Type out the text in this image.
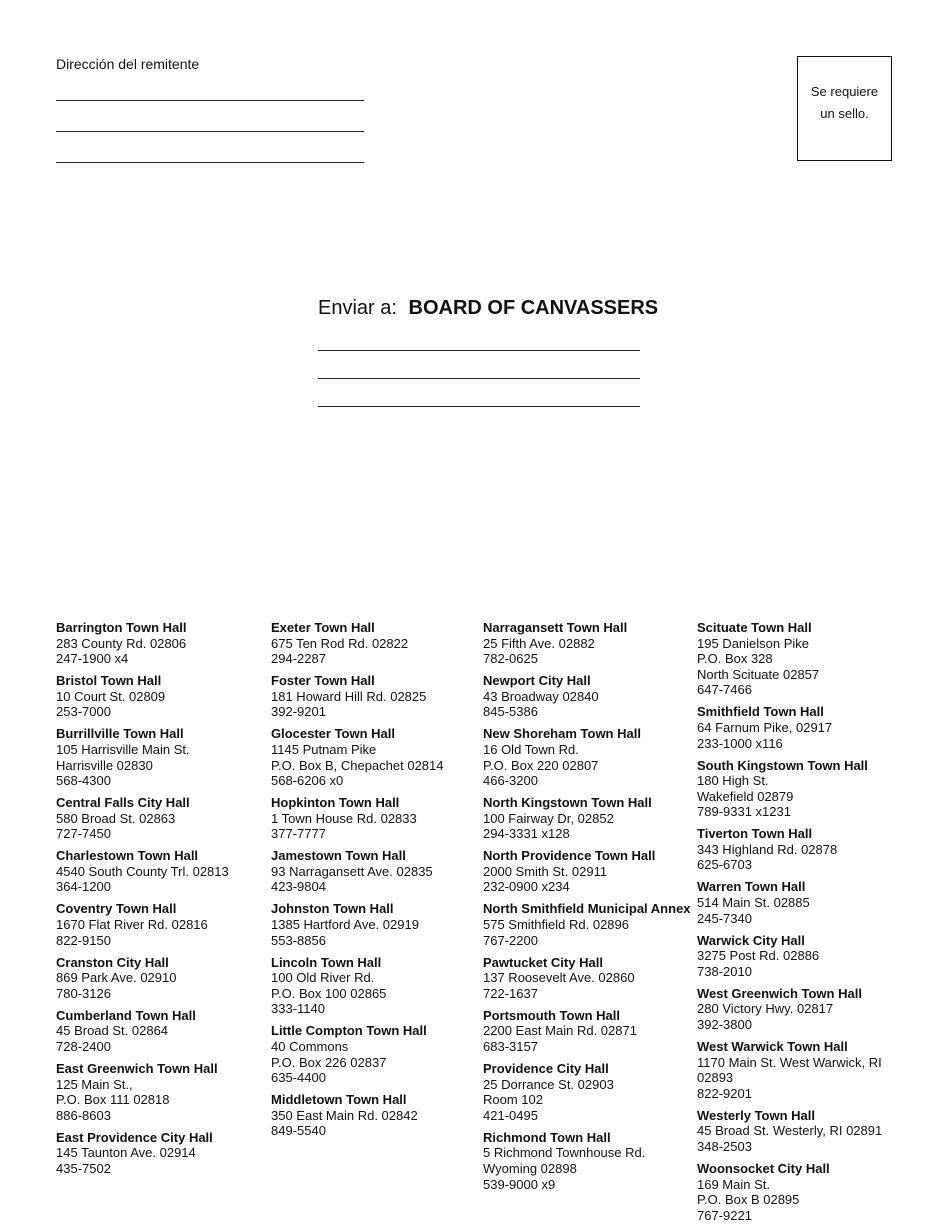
Dirección del remitente
Se requiere
un sello.
Enviar a: BOARD OF CANVASSERS
Barrington Town Hall
283 County Rd. 02806
247-1900 x4
Bristol Town Hall
10 Court St. 02809
253-7000
Burrillville Town Hall
105 Harrisville Main St.
Harrisville 02830
568-4300
Central Falls City Hall
580 Broad St. 02863
727-7450
Charlestown Town Hall
4540 South County Trl. 02813
364-1200
Coventry Town Hall
1670 Flat River Rd. 02816
822-9150
Cranston City Hall
869 Park Ave. 02910
780-3126
Cumberland Town Hall
45 Broad St. 02864
728-2400
East Greenwich Town Hall
125 Main St.,
P.O. Box 111 02818
886-8603
East Providence City Hall
145 Taunton Ave. 02914
435-7502
Exeter Town Hall
675 Ten Rod Rd. 02822
294-2287
Foster Town Hall
181 Howard Hill Rd. 02825
392-9201
Glocester Town Hall
1145 Putnam Pike
P.O. Box B, Chepachet 02814
568-6206 x0
Hopkinton Town Hall
1 Town House Rd. 02833
377-7777
Jamestown Town Hall
93 Narragansett Ave. 02835
423-9804
Johnston Town Hall
1385 Hartford Ave. 02919
553-8856
Lincoln Town Hall
100 Old River Rd.
P.O. Box 100 02865
333-1140
Little Compton Town Hall
40 Commons
P.O. Box 226 02837
635-4400
Middletown Town Hall
350 East Main Rd. 02842
849-5540
Narragansett Town Hall
25 Fifth Ave. 02882
782-0625
Newport City Hall
43 Broadway 02840
845-5386
New Shoreham Town Hall
16 Old Town Rd.
P.O. Box 220 02807
466-3200
North Kingstown Town Hall
100 Fairway Dr, 02852
294-3331 x128
North Providence Town Hall
2000 Smith St. 02911
232-0900 x234
North Smithfield Municipal Annex
575 Smithfield Rd. 02896
767-2200
Pawtucket City Hall
137 Roosevelt Ave. 02860
722-1637
Portsmouth Town Hall
2200 East Main Rd. 02871
683-3157
Providence City Hall
25 Dorrance St. 02903
Room 102
421-0495
Richmond Town Hall
5 Richmond Townhouse Rd.
Wyoming 02898
539-9000 x9
Scituate Town Hall
195 Danielson Pike
P.O. Box 328
North Scituate 02857
647-7466
Smithfield Town Hall
64 Farnum Pike, 02917
233-1000 x116
South Kingstown Town Hall
180 High St.
Wakefield 02879
789-9331 x1231
Tiverton Town Hall
343 Highland Rd. 02878
625-6703
Warren Town Hall
514 Main St. 02885
245-7340
Warwick City Hall
3275 Post Rd. 02886
738-2010
West Greenwich Town Hall
280 Victory Hwy. 02817
392-3800
West Warwick Town Hall
1170 Main St. West Warwick, RI 02893
822-9201
Westerly Town Hall
45 Broad St. Westerly, RI 02891
348-2503
Woonsocket City Hall
169 Main St.
P.O. Box B 02895
767-9221
